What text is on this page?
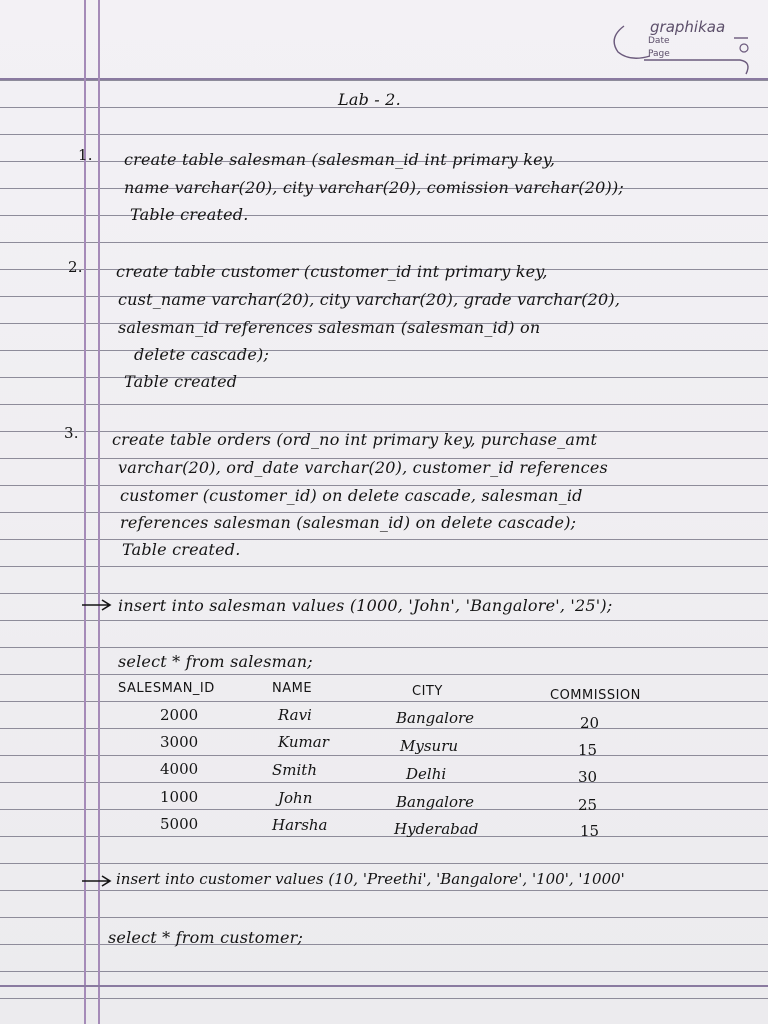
graphikaa
Date
Page
Lab - 2.
1. create table salesman (salesman_id int primary key,
name varchar(20), city varchar(20), comission varchar(20));
Table created.
2. create table customer (customer_id int primary key,
cust_name varchar(20), city varchar(20), grade varchar(20),
salesman_id references salesman (salesman_id) on
delete cascade);
Table created
3. create table orders (ord_no int primary key, purchase_amt
varchar(20), ord_date varchar(20), customer_id references
customer (customer_id) on delete cascade, salesman_id
references salesman (salesman_id) on delete cascade);
Table created.
insert into salesman values (1000, 'John', 'Bangalore', '25');
select * from salesman;
SALESMAN_ID	NAME	CITY	COMMISSION
2000	Ravi	Bangalore	20
3000	Kumar	Mysuru	15
4000	Smith	Delhi	30
1000	John	Bangalore	25
5000	Harsha	Hyderabad	15
insert into customer values (10, 'Preethi', 'Bangalore', '100', '1000'
select * from customer;
